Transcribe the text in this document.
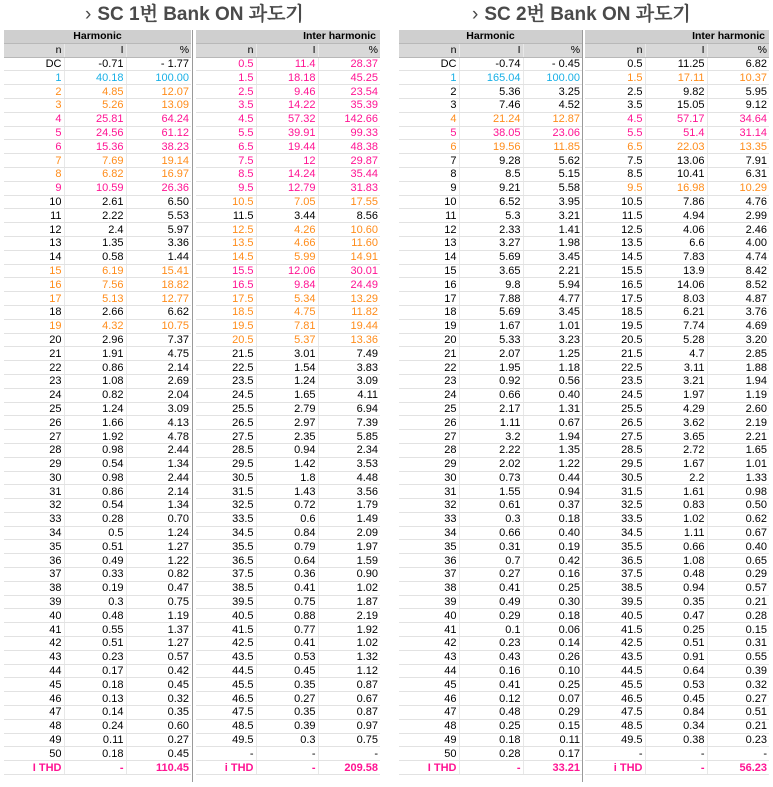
› SC 1번 Bank ON 과도기	› SC 2번 Bank ON 과도기
Harmonic		
n	I	%
DC	-0.71	- 1.77
1	40.18	100.00
2	4.85	12.07
3	5.26	13.09
4	25.81	64.24
5	24.56	61.12
6	15.36	38.23
7	7.69	19.14
8	6.82	16.97
9	10.59	26.36
10	2.61	6.50
11	2.22	5.53
12	2.4	5.97
13	1.35	3.36
14	0.58	1.44
15	6.19	15.41
16	7.56	18.82
17	5.13	12.77
18	2.66	6.62
19	4.32	10.75
20	2.96	7.37
21	1.91	4.75
22	0.86	2.14
23	1.08	2.69
24	0.82	2.04
25	1.24	3.09
26	1.66	4.13
27	1.92	4.78
28	0.98	2.44
29	0.54	1.34
30	0.98	2.44
31	0.86	2.14
32	0.54	1.34
33	0.28	0.70
34	0.5	1.24
35	0.51	1.27
36	0.49	1.22
37	0.33	0.82
38	0.19	0.47
39	0.3	0.75
40	0.48	1.19
41	0.55	1.37
42	0.51	1.27
43	0.23	0.57
44	0.17	0.42
45	0.18	0.45
46	0.13	0.32
47	0.14	0.35
48	0.24	0.60
49	0.11	0.27
50	0.18	0.45
I THD	-	110.45
Inter harmonic		
n	I	%
0.5	11.4	28.37
1.5	18.18	45.25
2.5	9.46	23.54
3.5	14.22	35.39
4.5	57.32	142.66
5.5	39.91	99.33
6.5	19.44	48.38
7.5	12	29.87
8.5	14.24	35.44
9.5	12.79	31.83
10.5	7.05	17.55
11.5	3.44	8.56
12.5	4.26	10.60
13.5	4.66	11.60
14.5	5.99	14.91
15.5	12.06	30.01
16.5	9.84	24.49
17.5	5.34	13.29
18.5	4.75	11.82
19.5	7.81	19.44
20.5	5.37	13.36
21.5	3.01	7.49
22.5	1.54	3.83
23.5	1.24	3.09
24.5	1.65	4.11
25.5	2.79	6.94
26.5	2.97	7.39
27.5	2.35	5.85
28.5	0.94	2.34
29.5	1.42	3.53
30.5	1.8	4.48
31.5	1.43	3.56
32.5	0.72	1.79
33.5	0.6	1.49
34.5	0.84	2.09
35.5	0.79	1.97
36.5	0.64	1.59
37.5	0.36	0.90
38.5	0.41	1.02
39.5	0.75	1.87
40.5	0.88	2.19
41.5	0.77	1.92
42.5	0.41	1.02
43.5	0.53	1.32
44.5	0.45	1.12
45.5	0.35	0.87
46.5	0.27	0.67
47.5	0.35	0.87
48.5	0.39	0.97
49.5	0.3	0.75
-	-	-
i THD	-	209.58
Harmonic		
n	I	%
DC	-0.74	- 0.45
1	165.04	100.00
2	5.36	3.25
3	7.46	4.52
4	21.24	12.87
5	38.05	23.06
6	19.56	11.85
7	9.28	5.62
8	8.5	5.15
9	9.21	5.58
10	6.52	3.95
11	5.3	3.21
12	2.33	1.41
13	3.27	1.98
14	5.69	3.45
15	3.65	2.21
16	9.8	5.94
17	7.88	4.77
18	5.69	3.45
19	1.67	1.01
20	5.33	3.23
21	2.07	1.25
22	1.95	1.18
23	0.92	0.56
24	0.66	0.40
25	2.17	1.31
26	1.11	0.67
27	3.2	1.94
28	2.22	1.35
29	2.02	1.22
30	0.73	0.44
31	1.55	0.94
32	0.61	0.37
33	0.3	0.18
34	0.66	0.40
35	0.31	0.19
36	0.7	0.42
37	0.27	0.16
38	0.41	0.25
39	0.49	0.30
40	0.29	0.18
41	0.1	0.06
42	0.23	0.14
43	0.43	0.26
44	0.16	0.10
45	0.41	0.25
46	0.12	0.07
47	0.48	0.29
48	0.25	0.15
49	0.18	0.11
50	0.28	0.17
I THD	-	33.21
Inter harmonic		
n	I	%
0.5	11.25	6.82
1.5	17.11	10.37
2.5	9.82	5.95
3.5	15.05	9.12
4.5	57.17	34.64
5.5	51.4	31.14
6.5	22.03	13.35
7.5	13.06	7.91
8.5	10.41	6.31
9.5	16.98	10.29
10.5	7.86	4.76
11.5	4.94	2.99
12.5	4.06	2.46
13.5	6.6	4.00
14.5	7.83	4.74
15.5	13.9	8.42
16.5	14.06	8.52
17.5	8.03	4.87
18.5	6.21	3.76
19.5	7.74	4.69
20.5	5.28	3.20
21.5	4.7	2.85
22.5	3.11	1.88
23.5	3.21	1.94
24.5	1.97	1.19
25.5	4.29	2.60
26.5	3.62	2.19
27.5	3.65	2.21
28.5	2.72	1.65
29.5	1.67	1.01
30.5	2.2	1.33
31.5	1.61	0.98
32.5	0.83	0.50
33.5	1.02	0.62
34.5	1.11	0.67
35.5	0.66	0.40
36.5	1.08	0.65
37.5	0.48	0.29
38.5	0.94	0.57
39.5	0.35	0.21
40.5	0.47	0.28
41.5	0.25	0.15
42.5	0.51	0.31
43.5	0.91	0.55
44.5	0.64	0.39
45.5	0.53	0.32
46.5	0.45	0.27
47.5	0.84	0.51
48.5	0.34	0.21
49.5	0.38	0.23
-	-	-
i THD	-	56.23
